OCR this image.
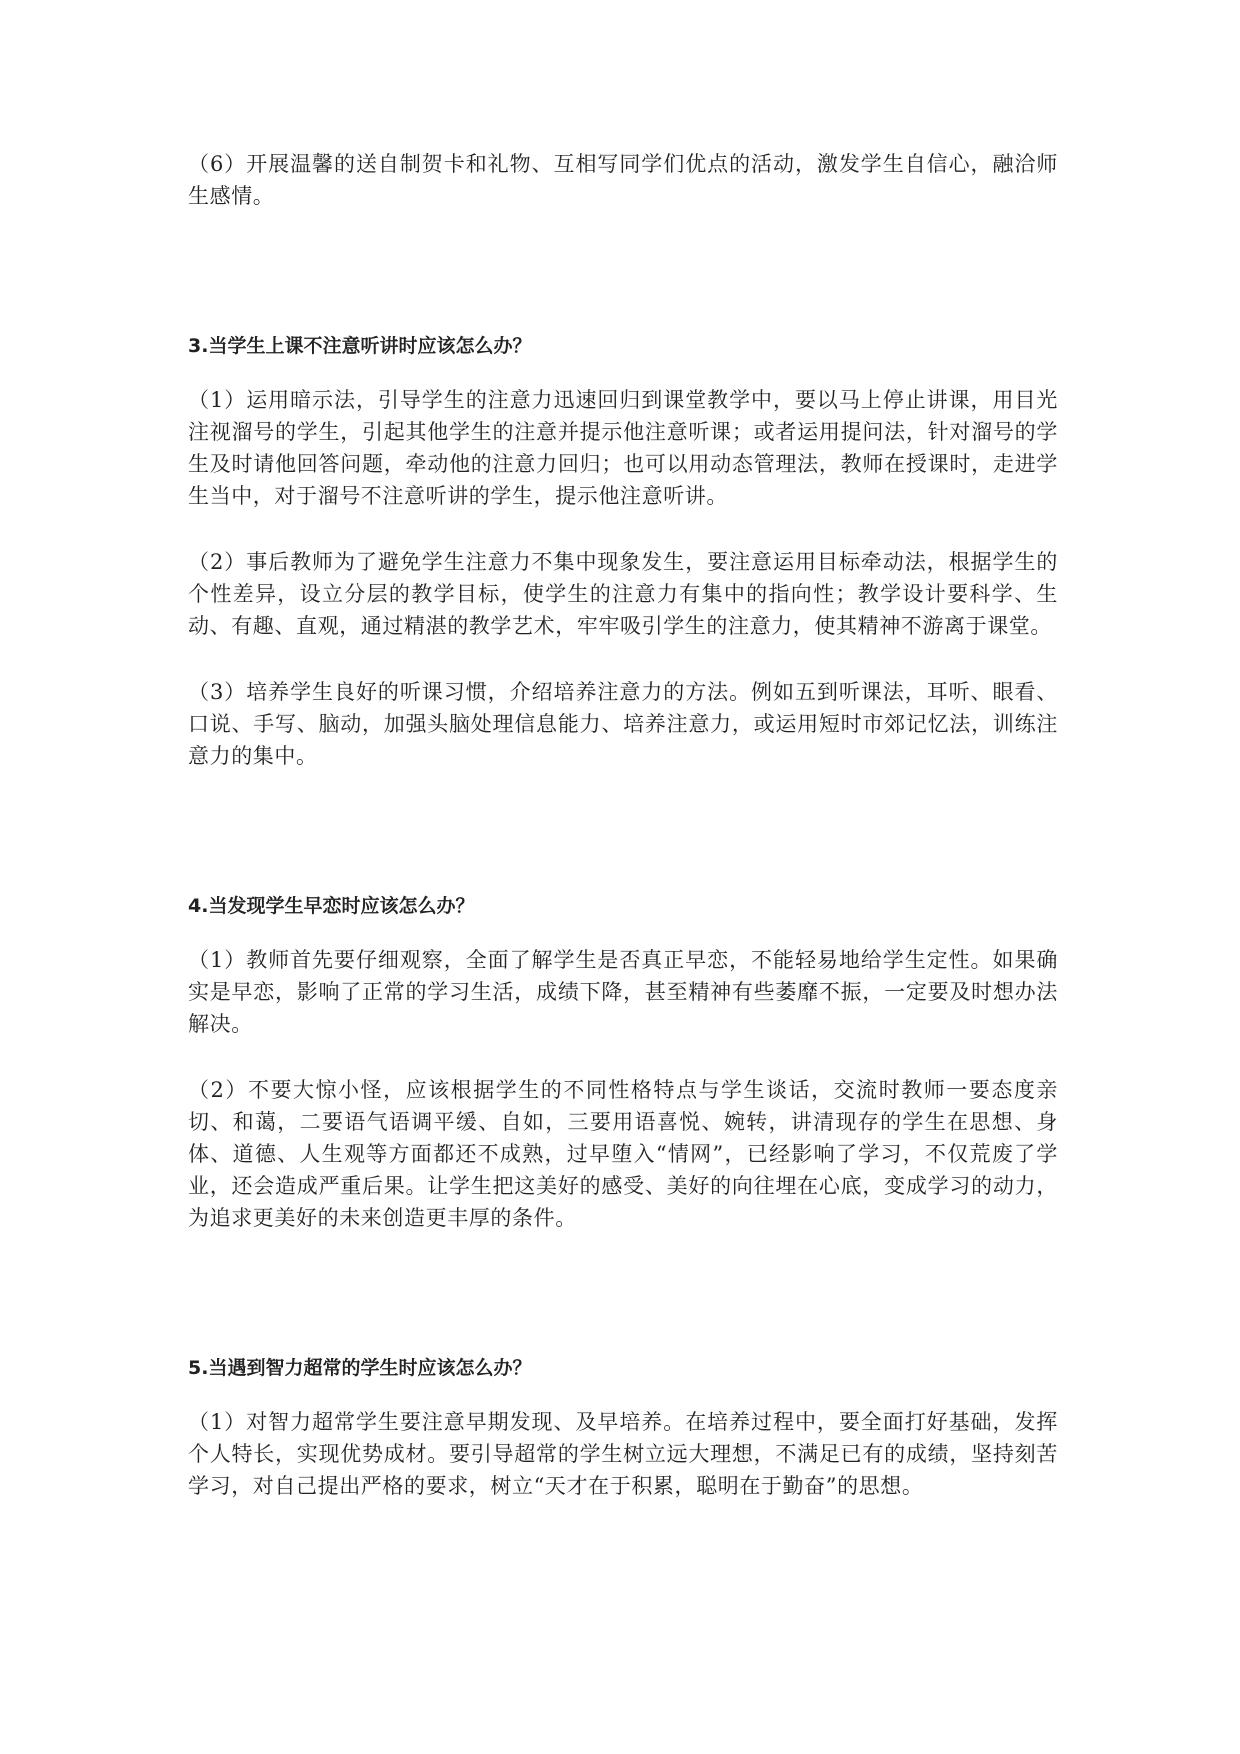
（6）开展温馨的送自制贺卡和礼物、互相写同学们优点的活动，激发学生自信心，融洽师生感情。

3.当学生上课不注意听讲时应该怎么办？

（1）运用暗示法，引导学生的注意力迅速回归到课堂教学中，要以马上停止讲课，用目光注视溜号的学生，引起其他学生的注意并提示他注意听课；或者运用提问法，针对溜号的学生及时请他回答问题，牵动他的注意力回归；也可以用动态管理法，教师在授课时，走进学生当中，对于溜号不注意听讲的学生，提示他注意听讲。

（2）事后教师为了避免学生注意力不集中现象发生，要注意运用目标牵动法，根据学生的个性差异，设立分层的教学目标，使学生的注意力有集中的指向性；教学设计要科学、生动、有趣、直观，通过精湛的教学艺术，牢牢吸引学生的注意力，使其精神不游离于课堂。

（3）培养学生良好的听课习惯，介绍培养注意力的方法。例如五到听课法，耳听、眼看、口说、手写、脑动，加强头脑处理信息能力、培养注意力，或运用短时市郊记忆法，训练注意力的集中。

4.当发现学生早恋时应该怎么办？

（1）教师首先要仔细观察，全面了解学生是否真正早恋，不能轻易地给学生定性。如果确实是早恋，影响了正常的学习生活，成绩下降，甚至精神有些萎靡不振，一定要及时想办法解决。

（2）不要大惊小怪，应该根据学生的不同性格特点与学生谈话，交流时教师一要态度亲切、和蔼，二要语气语调平缓、自如，三要用语喜悦、婉转，讲清现存的学生在思想、身体、道德、人生观等方面都还不成熟，过早堕入“情网”，已经影响了学习，不仅荒废了学业，还会造成严重后果。让学生把这美好的感受、美好的向往埋在心底，变成学习的动力，为追求更美好的未来创造更丰厚的条件。

5.当遇到智力超常的学生时应该怎么办？

（1）对智力超常学生要注意早期发现、及早培养。在培养过程中，要全面打好基础，发挥个人特长，实现优势成材。要引导超常的学生树立远大理想，不满足已有的成绩，坚持刻苦学习，对自己提出严格的要求，树立“天才在于积累，聪明在于勤奋”的思想。
